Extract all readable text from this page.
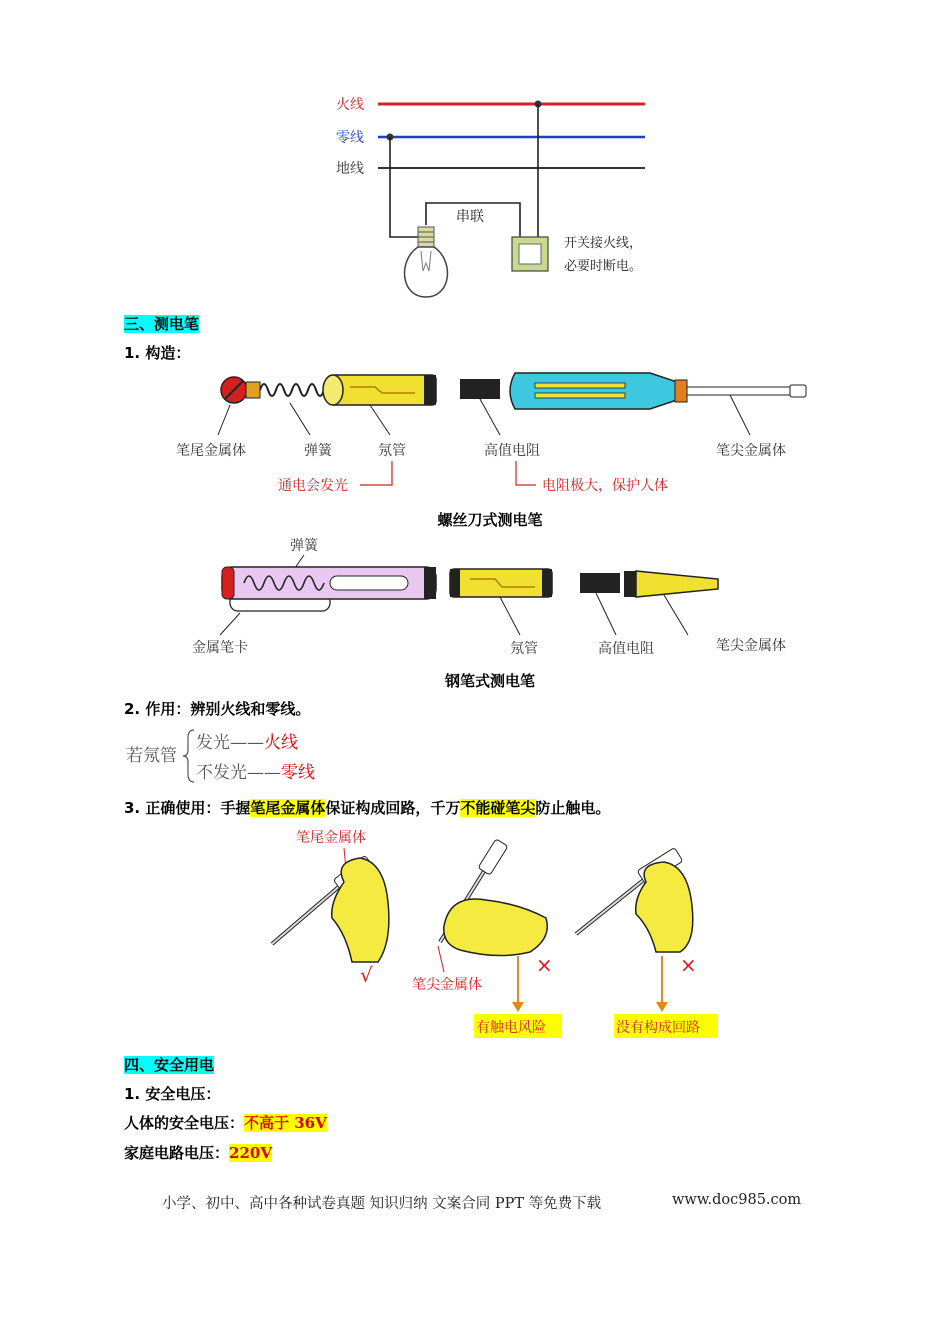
火线
零线
地线
串联
开关接火线，
必要时断电。
三、测电笔
1. 构造：
笔尾金属体	弹簧	氖管	高值电阻	笔尖金属体
通电会发光	电阻极大，保护人体
螺丝刀式测电笔
弹簧
金属笔卡	氖管	高值电阻	笔尖金属体
钢笔式测电笔
2. 作用：辨别火线和零线。
若氖管
发光——火线
不发光——零线
3. 正确使用：手握笔尾金属体保证构成回路，千万不能碰笔尖防止触电。
笔尾金属体
√	笔尖金属体
×	×
有触电风险	没有构成回路
四、安全用电
1. 安全电压：
人体的安全电压：不高于 36V
家庭电路电压：220V
小学、初中、高中各种试卷真题 知识归纳 文案合同 PPT 等免费下载	www.doc985.com
